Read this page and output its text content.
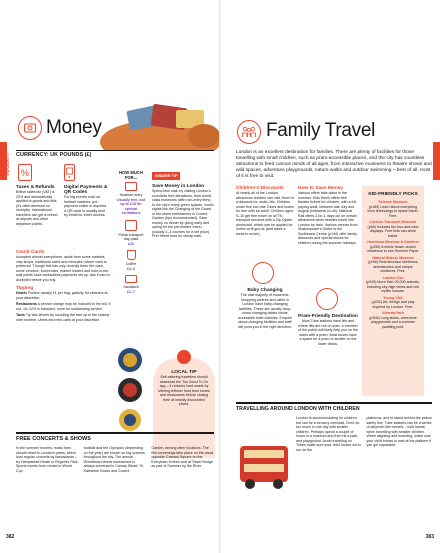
TOOLKIT
Money
CURRENCY: UK POUNDS (£)
%
Taxes & Refunds
British sales tax (VAT) is 20% and automatically applied to goods and bills (it's often itemised on receipts). International travellers can get a refund at airports and other departure points.
Digital Payments & QR Codes
For big events such as football matches, pre-payment online is required. A QR code is usually sent by email for event access.
Could Cards
Accepted almost everywhere, aside from some markets, chip shops, traditional cafes and minicabs, where cash is preferred. Though this has only recently been the case, some vendors, food trucks, market traders and hole-in-the-wall points have contactless payments set up. Ask if card is accepted before you buy.
Tipping
Hotels Porters usually £1 per bag, gratuity for cleaners at your discretion.
Restaurants A service charge may be included in the bill. If not, 10–12% is standard, more for outstanding service
Taxis Tip taxi drivers by rounding the fare up to the closest note number. Ubers and mini-cabs at your discretion.
HOW MUCH FOR...
Museum entry
Usually free, but up to £18 for special exhibitions
Public transport day pass
£16
Coffee
£3–5
Sandwich
£2–7
INSIDER TIP
Save Money in London
Spend less cash by visiting London's countless free attractions, from world-class museums (with non-entry fees) to the city's many green spaces. Iconic sights like the Changing of the Guard or the street entertainers in Covent Garden (tips recommended). Save money on dinner by going early and opting for the pre-theatre menu (usually 2–3 courses for a set price). Pret Street food for cheap eats.
LOCAL TIP
Self-catering travellers should download the Too Good To Go app – it reduces food waste by offering leftover food from stores and restaurants before closing time at heavily discounted prices.
FREE CONCERTS & SHOWS
In the summer months, music fans should head to London's parks, which host regular concerts by bandstands – try Hampstead Heath or Regent's Park. Sports events from cricket to World Cup
football and the Olympics (depending on the year) are shown on big screens throughout the city. The annual Wimbledon tennis tournament is always screened in Canary Wharf, St Katharine Docks and Covent
Garden, among other locations. The film screenings take place on the canal opposite Granary Square on the Everyman Screen and at Tower Bridge as part of Summer by the River.
382
TOOLKIT
Family Travel
London is an excellent destination for families. There are plenty of facilities for those travelling with small children, such as pram-accessible places, and the city has countless attractions to feed curious minds of all ages, from interactive museums to theatre shows and wild spaces, adventure playgrounds, nature walks and outdoor swimming – best of all, most of it is free to visit.
Children's Discounts
At nearly all of the London attractions children can visit, there is a discount for under-16s. Children under five can ride Tubes and buses for free with an adult. Children aged 5–10 get free travel on all TfL transport services with a Zip Oyster photocard, which can be applied for online at tfl.gov.uk (and takes a week to arrive).
How to Save Money
Various offers take place in the summer. Kids Week offers free theatre tickets for children, with a full-paying adult, between late July and August (kidsweek.co.uk). National Rail offers 2-for-1 days out on certain attractions when families travel into London by train. Various venues from Shakespeare's Globe to the Southbank Centre (p140) offer family discounts and special shows for children during the summer holidays.
Baby Changing
The vast majority of museums, shopping centres and cafes in London have baby-changing facilities. These are usually drop-down changing tables inside accessible toilet cubicles. Enquire about changing facilities and staff will point you in the right direction.
Pram-Friendly Destination
Most Tube stations have lifts and where lifts are out of order, a member of the public will likely help you on the stairs with a pram. Most buses have a space for a pram or stroller on the lower decks.
KID-FRIENDLY PICKS
Science Museum
(p169) Learn about everything from technology to space travel. Free.
London Transport Museum
(p69) Includes fun bus-and-tube displays. Free kids can climb inside.
Horniman Museum & Gardens
(p259) A whole flower-choice residence to see Summer Paper
Natural History Museum
(p166) Real dinosaur skeletons, animatronics and unique creatures. Free.
London Zoo
(p249) More than 20,000 animals, including sky-high views and rich reptile houses.
Young V&A
(p232) Art, design and play inspired by London. Free.
Victoria Park
(p308) Long slides, adventure playgrounds and a summer paddling pool.
TRAVELLING AROUND LONDON WITH CHILDREN
London is accommodating for children, but can be a sensory overload. Don't do too much in one day with smaller children. Perhaps spend a couple of hours in a museum and then hit a park and playground. Avoid travelling on Tubes make sure your child knows not to run on the
platforms, and to stand behind the yellow safety line. Tube stations can be a series of labyrinth-like tunnels – hold hands when travelling with smaller children. When alighting and boarding, make sure your child knows to wait at the platform if you get separated.
383
